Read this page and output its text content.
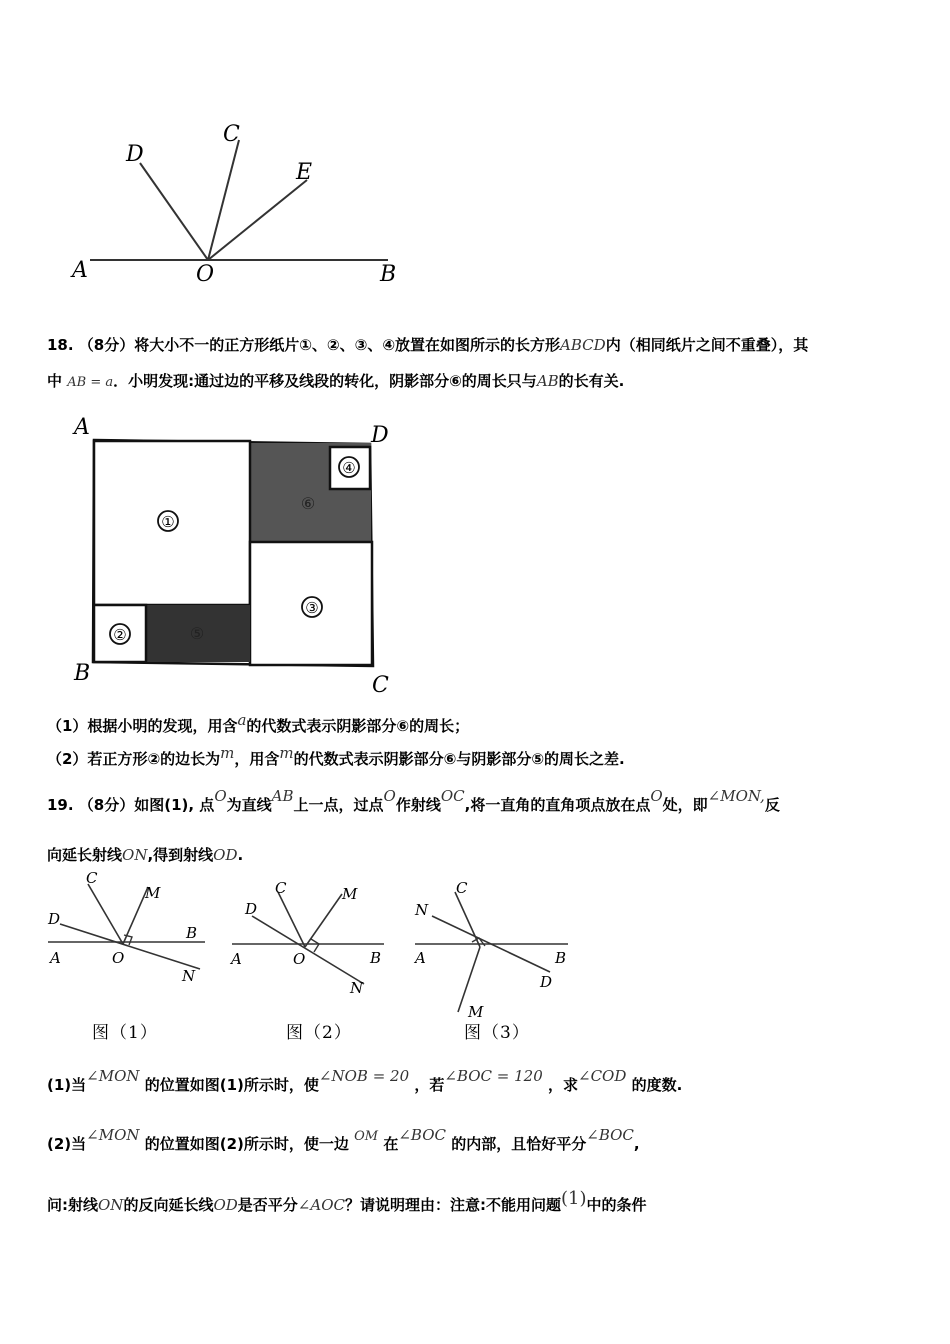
A	O	B
D
C
E
18. （8分）将大小不一的正方形纸片①、②、③、④放置在如图所示的长方形ABCD内（相同纸片之间不重叠），其
中 AB = a．小明发现:通过边的平移及线段的转化，阴影部分⑥的周长只与AB的长有关.
①
②
③
④
⑥
⑤
A	D
B	C
（1）根据小明的发现，用含a的代数式表示阴影部分⑥的周长；
（2）若正方形②的边长为m，用含m的代数式表示阴影部分⑥与阴影部分⑤的周长之差.
19. （8分）如图(1), 点O为直线AB上一点，过点O作射线OC,将一直角的直角项点放在点O处，即∠MON,反
向延长射线ON,得到射线OD.
D
C
M
B
A	O
N
图（1）
D
C	M
B
A	O
N
图（2）
N
C
B
A
D
M
图（3）
(1)当∠MON 的位置如图(1)所示时，使∠NOB = 20 ，若∠BOC = 120 ，求∠COD 的度数.
(2)当∠MON 的位置如图(2)所示时，使一边 OM 在∠BOC 的内部，且恰好平分∠BOC,
问:射线ON的反向延长线OD是否平分∠AOC？请说明理由：注意:不能用问题(1)中的条件
